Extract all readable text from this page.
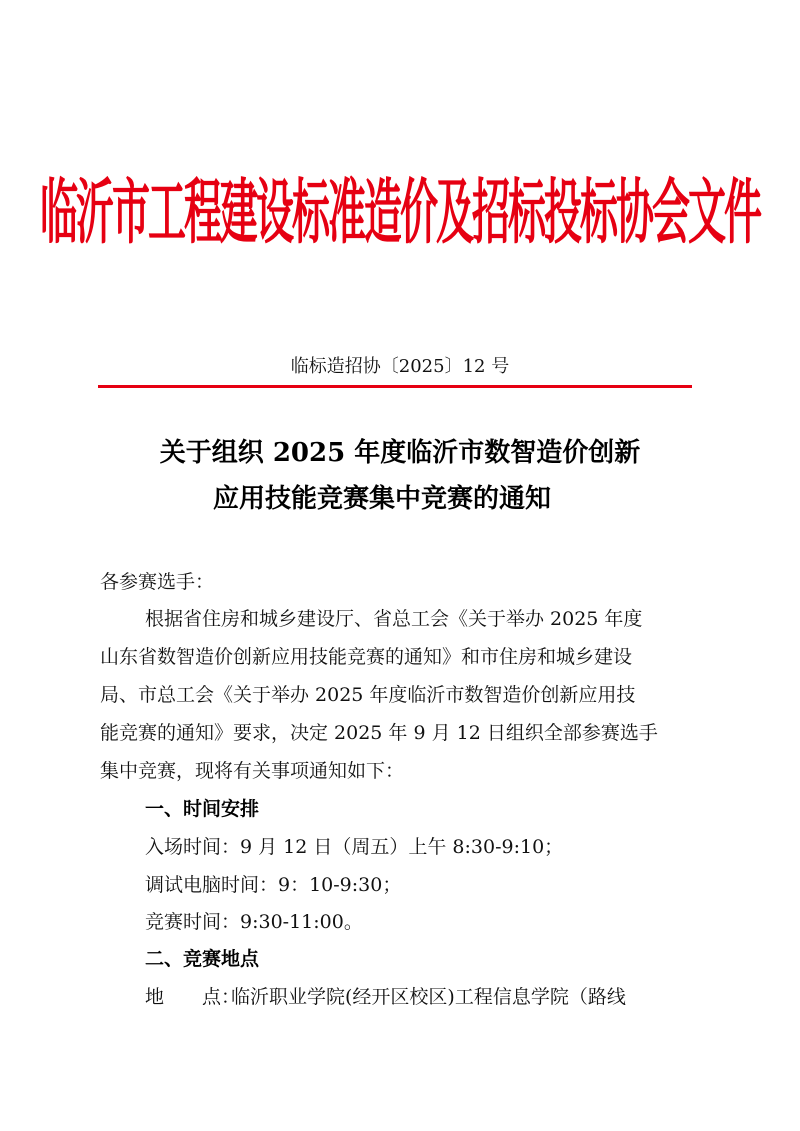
临沂市工程建设标准造价及招标投标协会文件
临标造招协〔2025〕12 号
关于组织 2025 年度临沂市数智造价创新
应用技能竞赛集中竞赛的通知
各参赛选手：
根据省住房和城乡建设厅、省总工会《关于举办 2025 年度
山东省数智造价创新应用技能竞赛的通知》和市住房和城乡建设
局、市总工会《关于举办 2025 年度临沂市数智造价创新应用技
能竞赛的通知》要求，决定 2025 年 9 月 12 日组织全部参赛选手
集中竞赛，现将有关事项通知如下：
一、时间安排
入场时间：9 月 12 日（周五）上午 8:30-9:10；
调试电脑时间：9：10-9:30；
竞赛时间：9:30-11:00。
二、竞赛地点
地　　点：临沂职业学院(经开区校区)工程信息学院（路线
